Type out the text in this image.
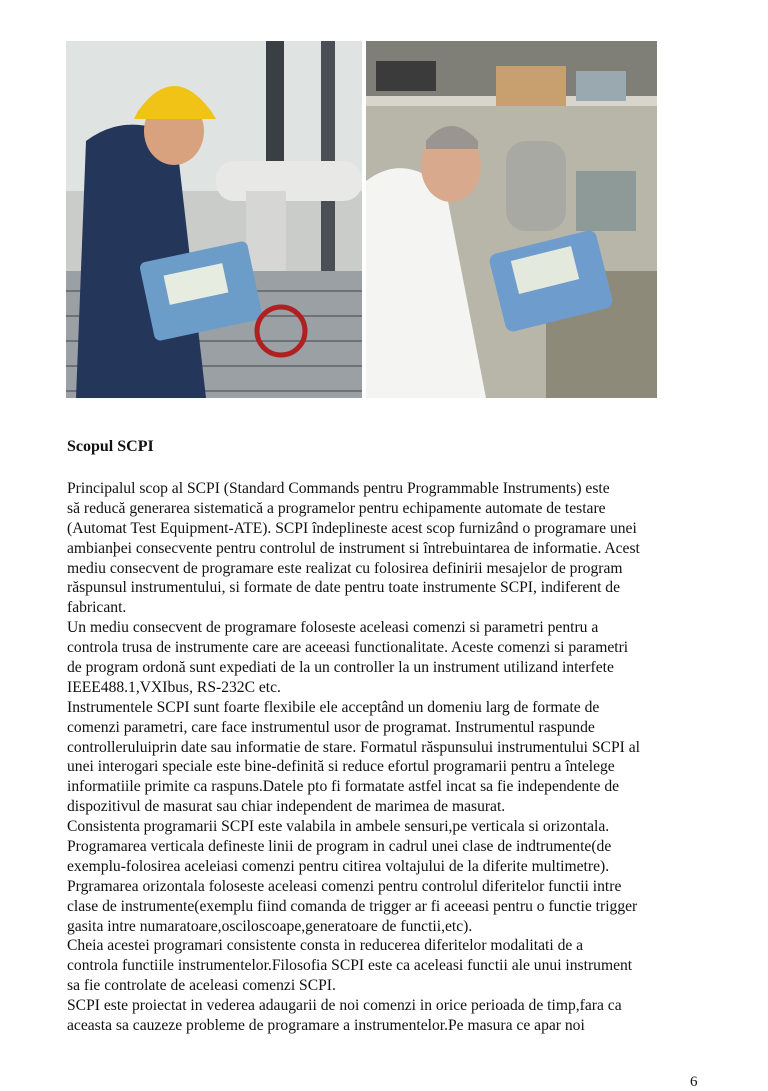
Scopul SCPI
Principalul scop al SCPI (Standard Commands pentru Programmable Instruments) este
să reducă generarea sistematică a programelor pentru echipamente automate de testare
(Automat Test Equipment-ATE). SCPI îndeplineste acest scop furnizând o programare unei
ambianþei consecvente pentru controlul de instrument si întrebuintarea de informatie. Acest
mediu consecvent de programare este realizat cu folosirea definirii mesajelor de program
răspunsul instrumentului, si formate de date pentru toate instrumente SCPI, indiferent de
fabricant.
Un mediu consecvent de programare foloseste aceleasi comenzi si parametri pentru a
controla trusa de instrumente care are aceeasi functionalitate. Aceste comenzi si parametri
de program ordonă sunt expediati de la un controller la un instrument utilizand interfete
IEEE488.1,VXIbus, RS-232C etc.
Instrumentele SCPI sunt foarte flexibile ele acceptând un domeniu larg de formate de
comenzi parametri, care face instrumentul usor de programat. Instrumentul raspunde
controlleruluiprin date sau informatie de stare. Formatul răspunsului instrumentului SCPI al
unei interogari speciale este bine-definită si reduce efortul programarii pentru a întelege
informatiile primite ca raspuns.Datele pto fi formatate astfel incat sa fie independente de
dispozitivul de masurat sau chiar independent de marimea de masurat.
Consistenta programarii SCPI este valabila in ambele sensuri,pe verticala si orizontala.
Programarea verticala defineste linii de program in cadrul unei clase de indtrumente(de
exemplu-folosirea aceleiasi comenzi pentru citirea voltajului de la diferite multimetre).
Prgramarea orizontala foloseste aceleasi comenzi pentru controlul diferitelor functii intre
clase de instrumente(exemplu fiind comanda de trigger ar fi aceeasi pentru o functie trigger
gasita intre numaratoare,osciloscoape,generatoare de functii,etc).
Cheia acestei programari consistente consta in reducerea diferitelor modalitati de a
controla functiile instrumentelor.Filosofia SCPI este ca aceleasi functii ale unui instrument
sa fie controlate de aceleasi comenzi SCPI.
SCPI este proiectat in vederea adaugarii de noi comenzi in orice perioada de timp,fara ca
aceasta sa cauzeze probleme de programare a instrumentelor.Pe masura ce apar noi
6
